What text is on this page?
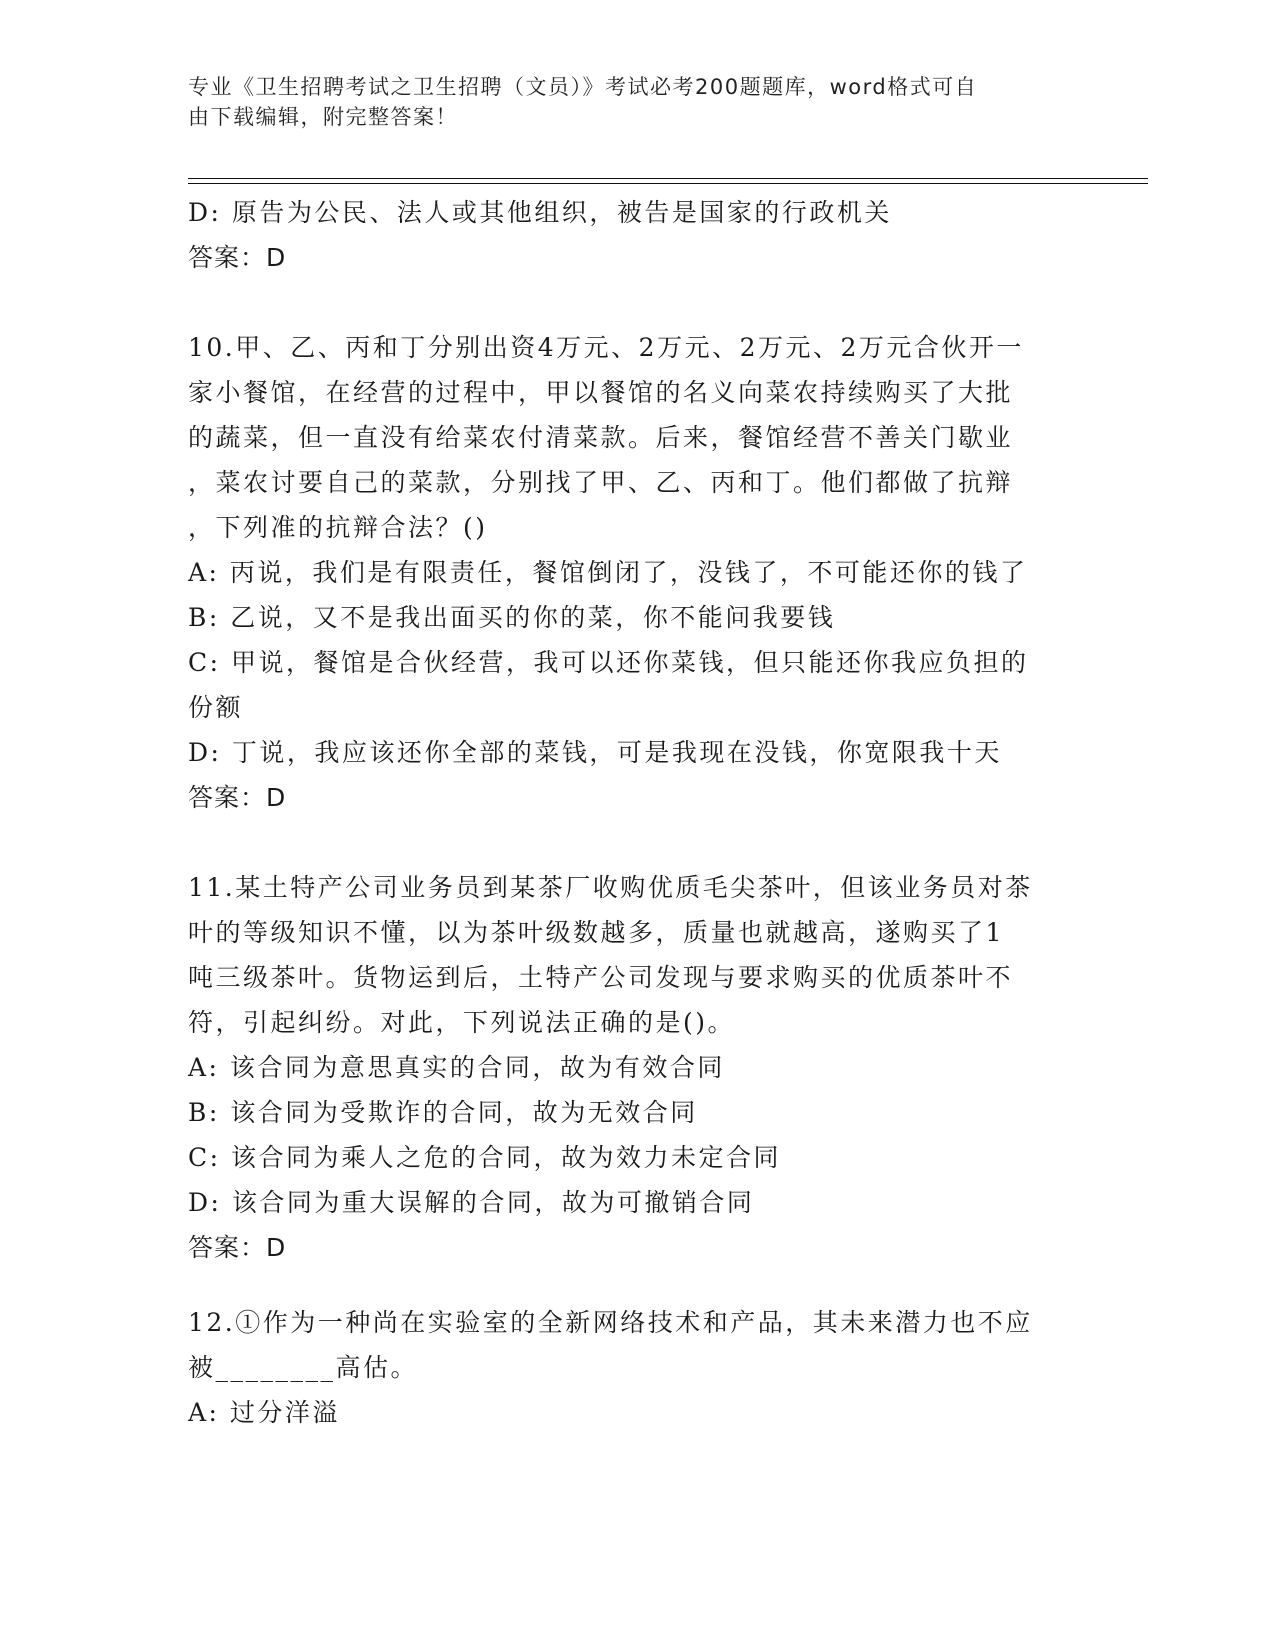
专业《卫生招聘考试之卫生招聘（文员）》考试必考200题题库，word格式可自
由下载编辑，附完整答案！
D: 原告为公民、法人或其他组织，被告是国家的行政机关
答案：D
10.甲、乙、丙和丁分别出资4万元、2万元、2万元、2万元合伙开一
家小餐馆，在经营的过程中，甲以餐馆的名义向菜农持续购买了大批
的蔬菜，但一直没有给菜农付清菜款。后来，餐馆经营不善关门歇业
，菜农讨要自己的菜款，分别找了甲、乙、丙和丁。他们都做了抗辩
，下列准的抗辩合法？()
A: 丙说，我们是有限责任，餐馆倒闭了，没钱了，不可能还你的钱了
B: 乙说，又不是我出面买的你的菜，你不能问我要钱
C: 甲说，餐馆是合伙经营，我可以还你菜钱，但只能还你我应负担的
份额
D: 丁说，我应该还你全部的菜钱，可是我现在没钱，你宽限我十天
答案：D
11.某土特产公司业务员到某茶厂收购优质毛尖茶叶，但该业务员对茶
叶的等级知识不懂，以为茶叶级数越多，质量也就越高，遂购买了1
吨三级茶叶。货物运到后，土特产公司发现与要求购买的优质茶叶不
符，引起纠纷。对此，下列说法正确的是()。
A: 该合同为意思真实的合同，故为有效合同
B: 该合同为受欺诈的合同，故为无效合同
C: 该合同为乘人之危的合同，故为效力未定合同
D: 该合同为重大误解的合同，故为可撤销合同
答案：D
12.①作为一种尚在实验室的全新网络技术和产品，其未来潜力也不应
被________高估。
A: 过分洋溢
